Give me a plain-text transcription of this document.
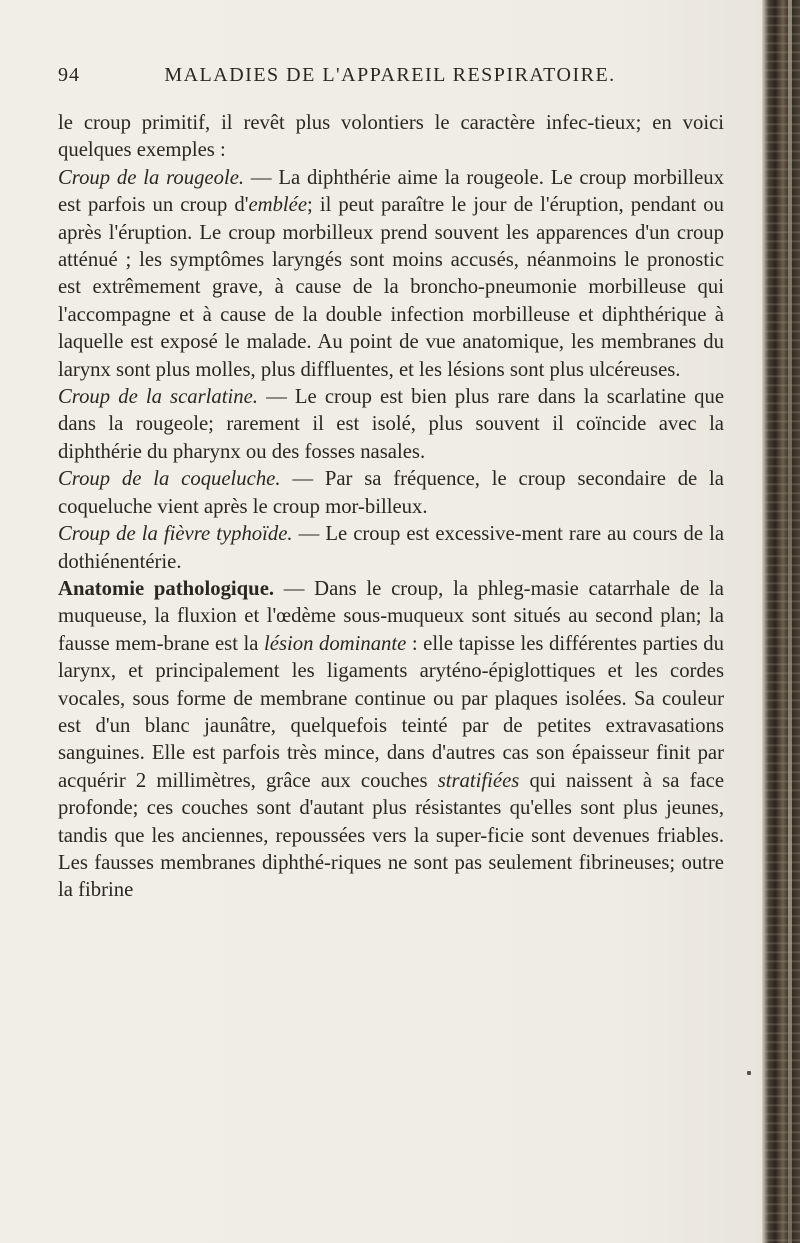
94	MALADIES DE L'APPAREIL RESPIRATOIRE.

le croup primitif, il revêt plus volontiers le caractère infec-tieux; en voici quelques exemples :

Croup de la rougeole. — La diphthérie aime la rougeole. Le croup morbilleux est parfois un croup d'emblée; il peut paraître le jour de l'éruption, pendant ou après l'éruption. Le croup morbilleux prend souvent les apparences d'un croup atténué ; les symptômes laryngés sont moins accusés, néanmoins le pronostic est extrêmement grave, à cause de la broncho-pneumonie morbilleuse qui l'accompagne et à cause de la double infection morbilleuse et diphthérique à laquelle est exposé le malade. Au point de vue anatomique, les membranes du larynx sont plus molles, plus diffluentes, et les lésions sont plus ulcéreuses.

Croup de la scarlatine. — Le croup est bien plus rare dans la scarlatine que dans la rougeole; rarement il est isolé, plus souvent il coïncide avec la diphthérie du pharynx ou des fosses nasales.

Croup de la coqueluche. — Par sa fréquence, le croup secondaire de la coqueluche vient après le croup mor-billeux.

Croup de la fièvre typhoïde. — Le croup est excessive-ment rare au cours de la dothiénentérie.

Anatomie pathologique. — Dans le croup, la phleg-masie catarrhale de la muqueuse, la fluxion et l'œdème sous-muqueux sont situés au second plan; la fausse mem-brane est la lésion dominante : elle tapisse les différentes parties du larynx, et principalement les ligaments aryténo-épiglottiques et les cordes vocales, sous forme de membrane continue ou par plaques isolées. Sa couleur est d'un blanc jaunâtre, quelquefois teinté par de petites extravasations sanguines. Elle est parfois très mince, dans d'autres cas son épaisseur finit par acquérir 2 millimètres, grâce aux couches stratifiées qui naissent à sa face profonde; ces couches sont d'autant plus résistantes qu'elles sont plus jeunes, tandis que les anciennes, repoussées vers la super-ficie sont devenues friables. Les fausses membranes diphthé-riques ne sont pas seulement fibrineuses; outre la fibrine
